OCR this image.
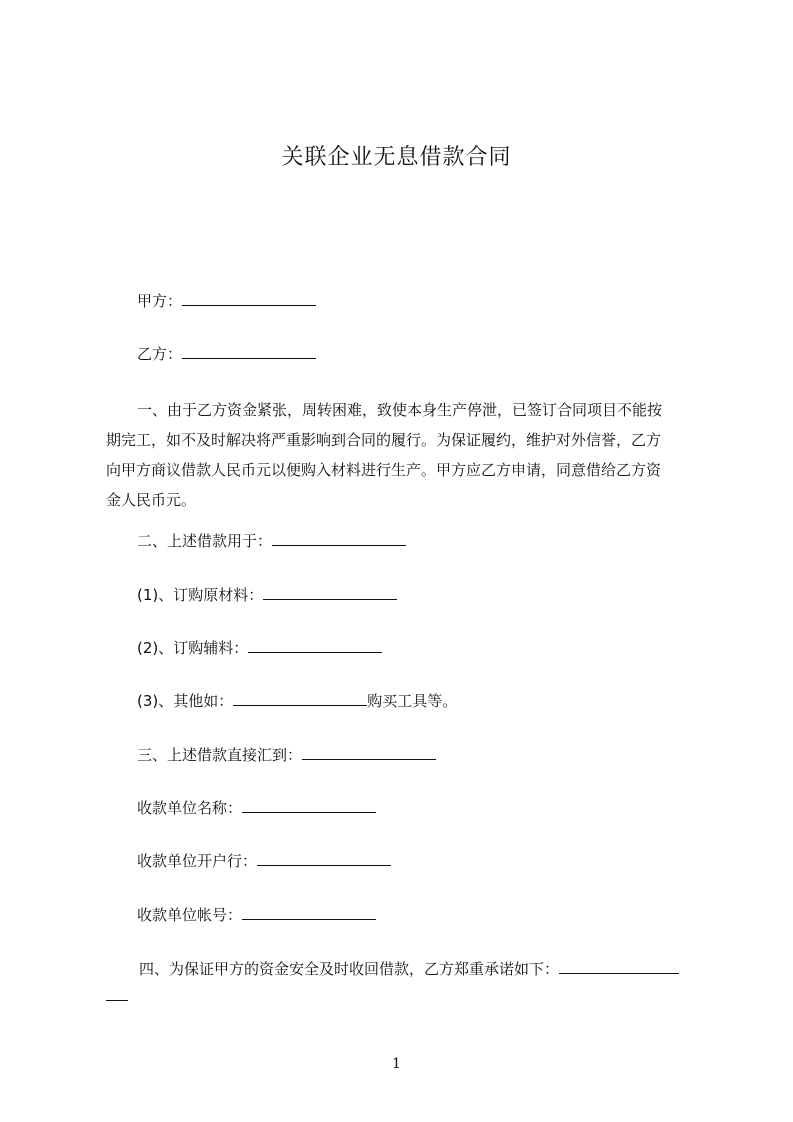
关联企业无息借款合同
甲方：
乙方：
一、由于乙方资金紧张，周转困难，致使本身生产停泄，已签订合同项目不能按
期完工，如不及时解决将严重影响到合同的履行。为保证履约，维护对外信誉，乙方
向甲方商议借款人民币元以便购入材料进行生产。甲方应乙方申请，同意借给乙方资
金人民币元。
二、上述借款用于：
(1)、订购原材料：
(2)、订购辅料：
(3)、其他如：	购买工具等。
三、上述借款直接汇到：
收款单位名称：
收款单位开户行：
收款单位帐号：
四、为保证甲方的资金安全及时收回借款，乙方郑重承诺如下：
1
